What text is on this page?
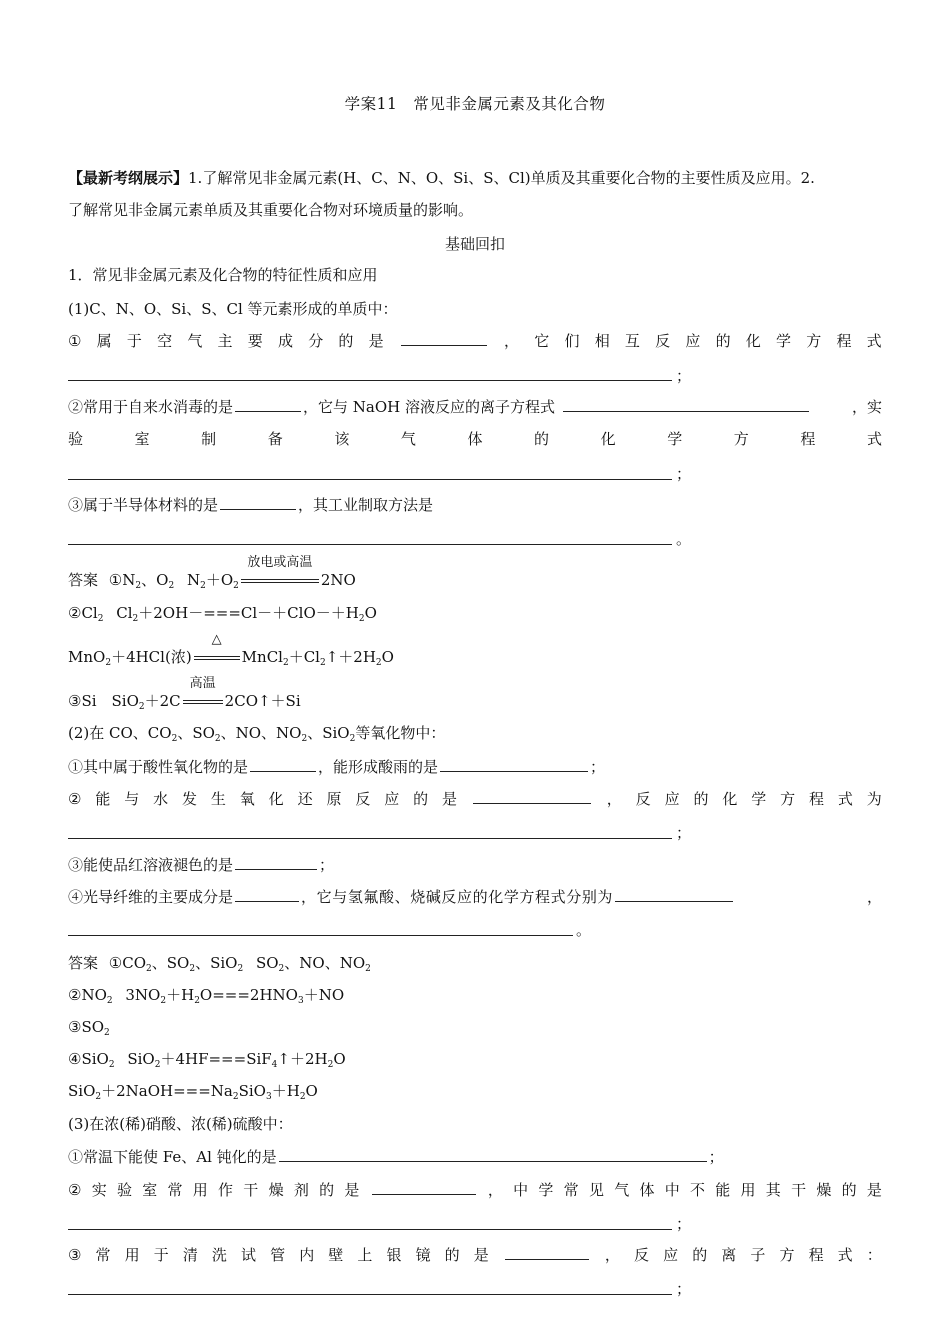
学案11　常见非金属元素及其化合物
【最新考纲展示】1.了解常见非金属元素(H、C、N、O、Si、S、Cl)单质及其重要化合物的主要性质及应用。2.
了解常见非金属元素单质及其重要化合物对环境质量的影响。
基础回扣
1．常见非金属元素及化合物的特征性质和应用
(1)C、N、O、Si、S、Cl 等元素形成的单质中：
① 属 于 空 气 主 要 成 分 的 是	， 它 们 相 互 反 应 的 化 学 方 程 式
；
②常用于自来水消毒的是	，它与 NaOH 溶液反应的离子方程式	，实
验	室	制	备	该	气	体	的	化	学	方	程	式
；
③属于半导体材料的是	，其工业制取方法是
。
答案 $①N_2$、$O_2$ $N_2+O_2$
放电或高温
2NO
$②Cl_2$ $Cl_2+2OH-===Cl-+ClO-+H_2O$
MnO$_2$＋4HCl(浓)
△
$MnCl_2+Cl_2↑+2H_2O$
③Si　SiO$_2$＋2C
高温
2CO↑＋Si
(2)在 CO、$CO_2$、$SO_2$、NO、$NO_2$、SiO$_2$等氧化物中：
①其中属于酸性氧化物的是	，能形成酸雨的是	；
② 能 与 水 发 生 氧 化 还 原 反 应 的 是	， 反 应 的 化 学 方 程 式 为
；
③能使品红溶液褪色的是	；
④光导纤维的主要成分是	，它与氢氟酸、烧碱反应的化学方程式分别为	，
。
答案 $①CO_2$、$SO_2$、SiO$_2$ $SO_2$、NO、$NO_2$
$②NO_2$ $3NO_2+H_2O===2HNO_3+NO$
$③SO_2$
④SiO$_2$ $SiO_2+4HF===SiF_4↑+2H_2O$
$SiO_2+2NaOH===Na_2SiO_3+H_2O$
(3)在浓(稀)硝酸、浓(稀)硫酸中：
①常温下能使 Fe、Al 钝化的是	；
② 实 验 室 常 用 作 干 燥 剂 的 是	， 中 学 常 见 气 体 中 不 能 用 其 干 燥 的 是
；
③ 常 用 于 清 洗 试 管 内 壁 上 银 镜 的 是	， 反 应 的 离 子 方 程 式 ：
；
